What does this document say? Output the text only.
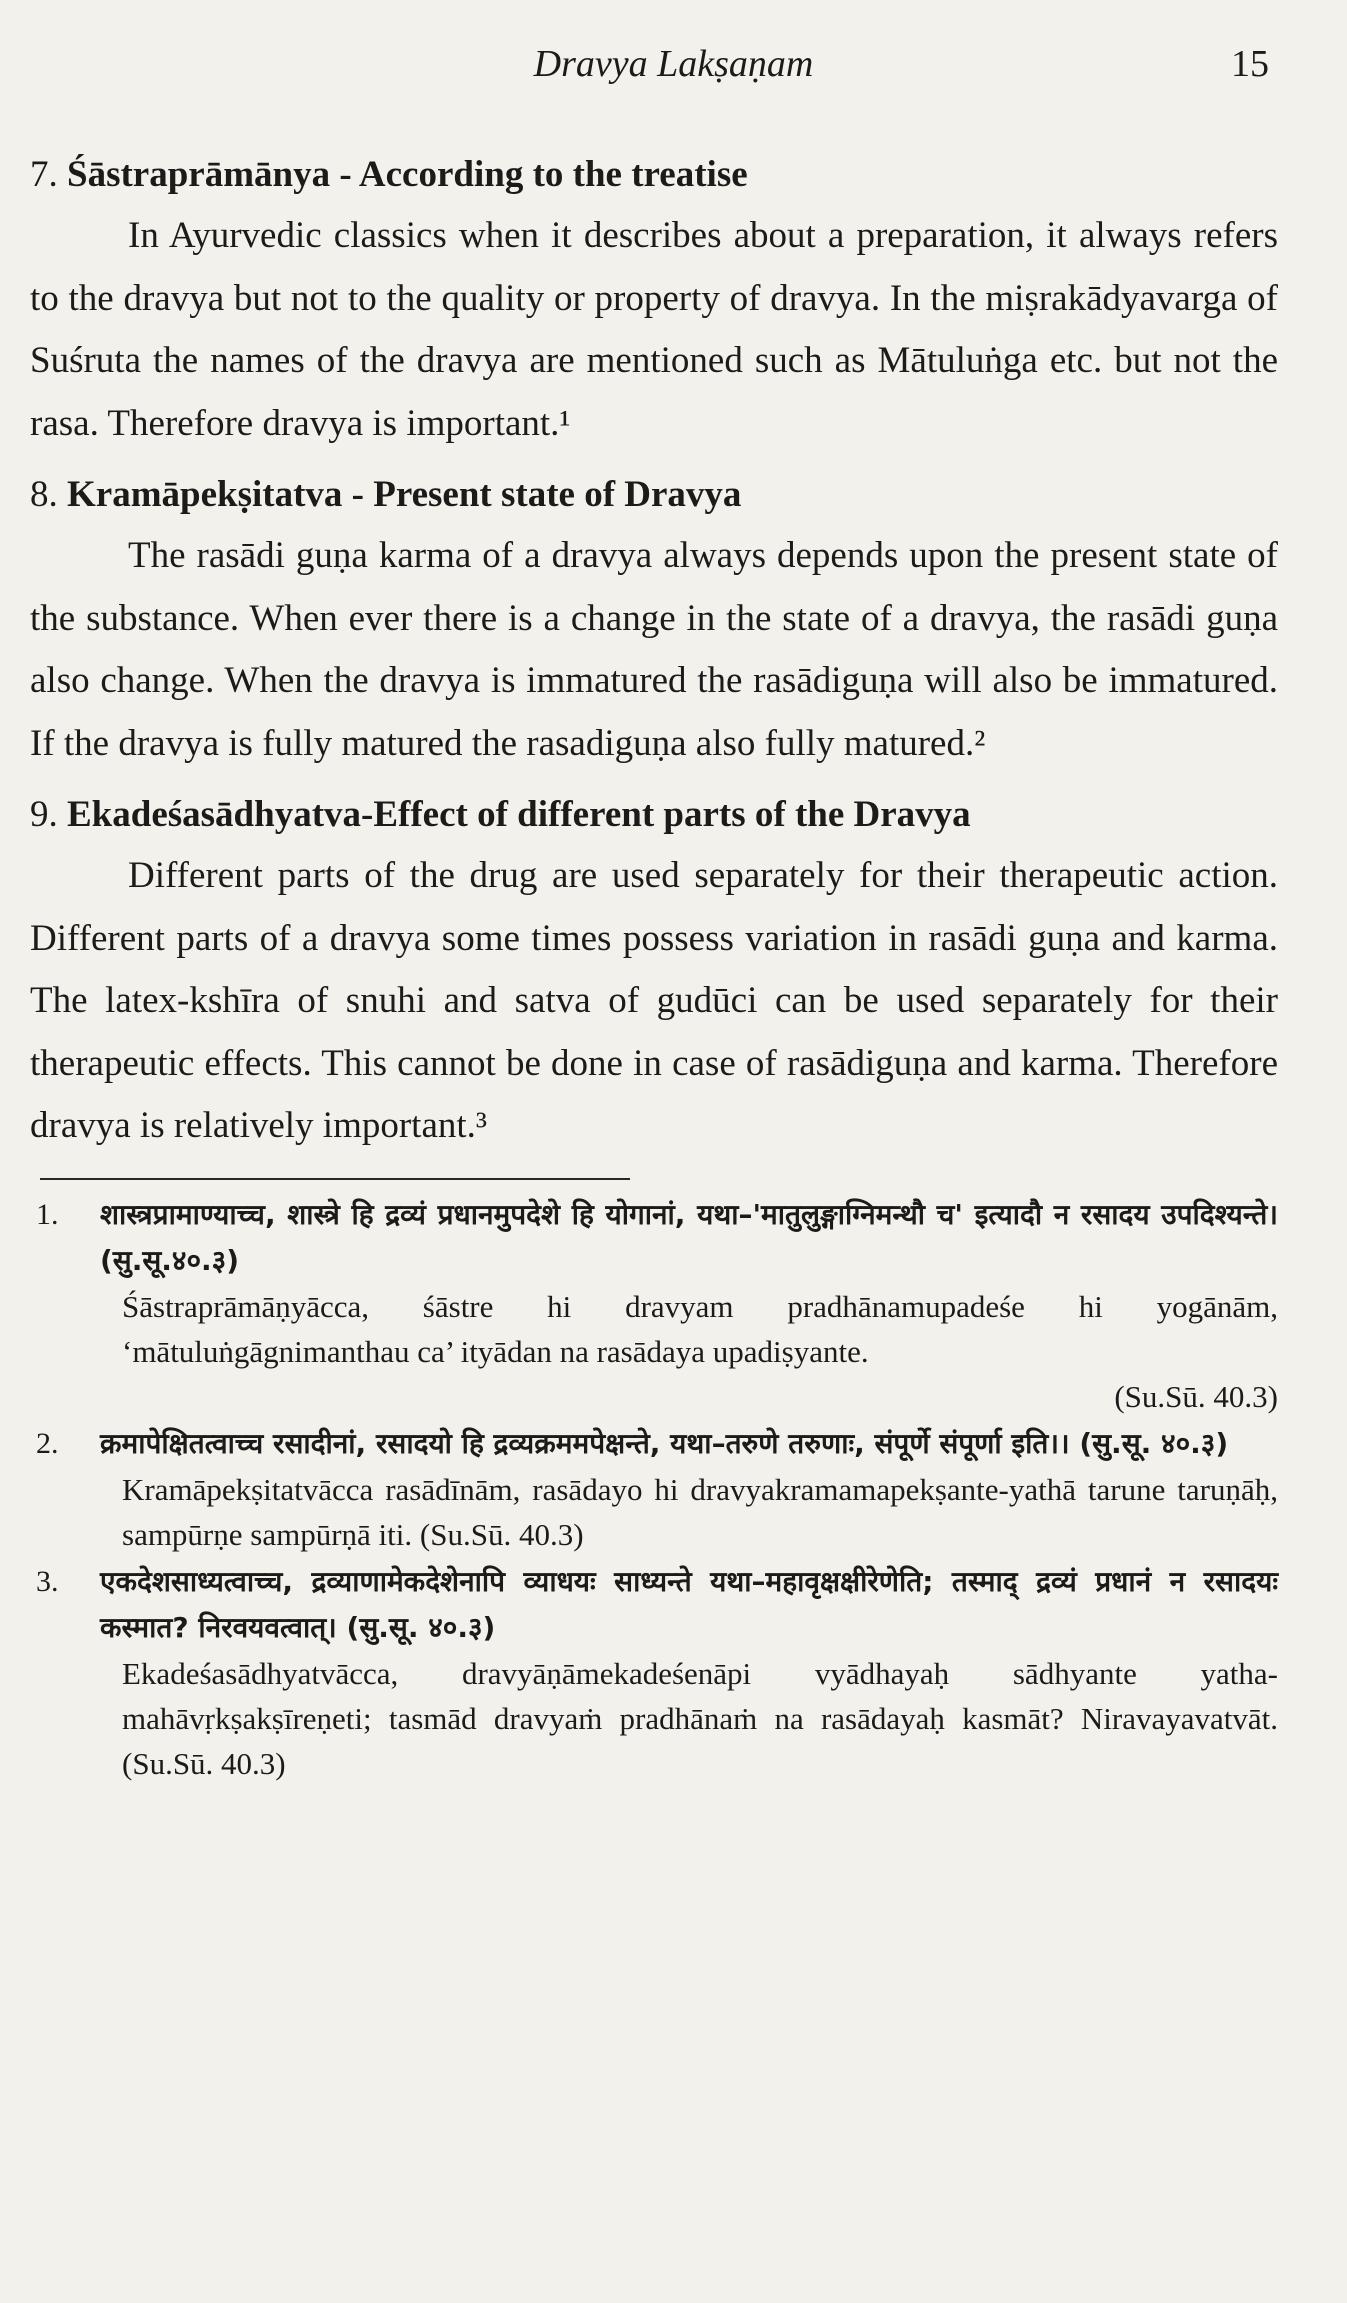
Dravya Lakṣaṇam	15

7. Śāstraprāmānya - According to the treatise

In Ayurvedic classics when it describes about a preparation, it always refers to the dravya but not to the quality or property of dravya. In the miṣrakādyavarga of Suśruta the names of the dravya are mentioned such as Mātuluṅga etc. but not the rasa. Therefore dravya is important.¹

8. Kramāpekṣitatva - Present state of Dravya

The rasādi guṇa karma of a dravya always depends upon the present state of the substance. When ever there is a change in the state of a dravya, the rasādi guṇa also change. When the dravya is immatured the rasādiguṇa will also be immatured. If the dravya is fully matured the rasadiguṇa also fully matured.²

9. Ekadeśasādhyatva-Effect of different parts of the Dravya

Different parts of the drug are used separately for their therapeutic action. Different parts of a dravya some times possess variation in rasādi guṇa and karma. The latex-kshīra of snuhi and satva of gudūci can be used separately for their therapeutic effects. This cannot be done in case of rasādiguṇa and karma. Therefore dravya is relatively important.³

1.	शास्त्रप्रामाण्याच्च, शास्त्रे हि द्रव्यं प्रधानमुपदेशे हि योगानां, यथा–'मातुलुङ्गाग्निमन्थौ च' इत्यादौ न रसादय उपदिश्यन्ते। (सु.सू.४०.३)

Śāstraprāmāṇyācca, śāstre hi dravyam pradhānamupadeśe hi yogānām, ‘mātuluṅgāgnimanthau ca’ ityādan na rasādaya upadiṣyante.

(Su.Sū. 40.3)

2.	क्रमापेक्षितत्वाच्च रसादीनां, रसादयो हि द्रव्यक्रममपेक्षन्ते, यथा–तरुणे तरुणाः, संपूर्णे संपूर्णा इति।। (सु.सू. ४०.३)

Kramāpekṣitatvācca rasādīnām, rasādayo hi dravyakramamapekṣante-yathā tarune taruṇāḥ, sampūrṇe sampūrṇā iti. (Su.Sū. 40.3)

3.	एकदेशसाध्यत्वाच्च, द्रव्याणामेकदेशेनापि व्याधयः साध्यन्ते यथा–महावृक्षक्षीरेणेति; तस्माद् द्रव्यं प्रधानं न रसादयः कस्मात? निरवयवत्वात्। (सु.सू. ४०.३)

Ekadeśasādhyatvācca, dravyāṇāmekadeśenāpi vyādhayaḥ sādhyante yatha-mahāvṛkṣakṣīreṇeti; tasmād dravyaṁ pradhānaṁ na rasādayaḥ kasmāt? Niravayavatvāt. (Su.Sū. 40.3)
